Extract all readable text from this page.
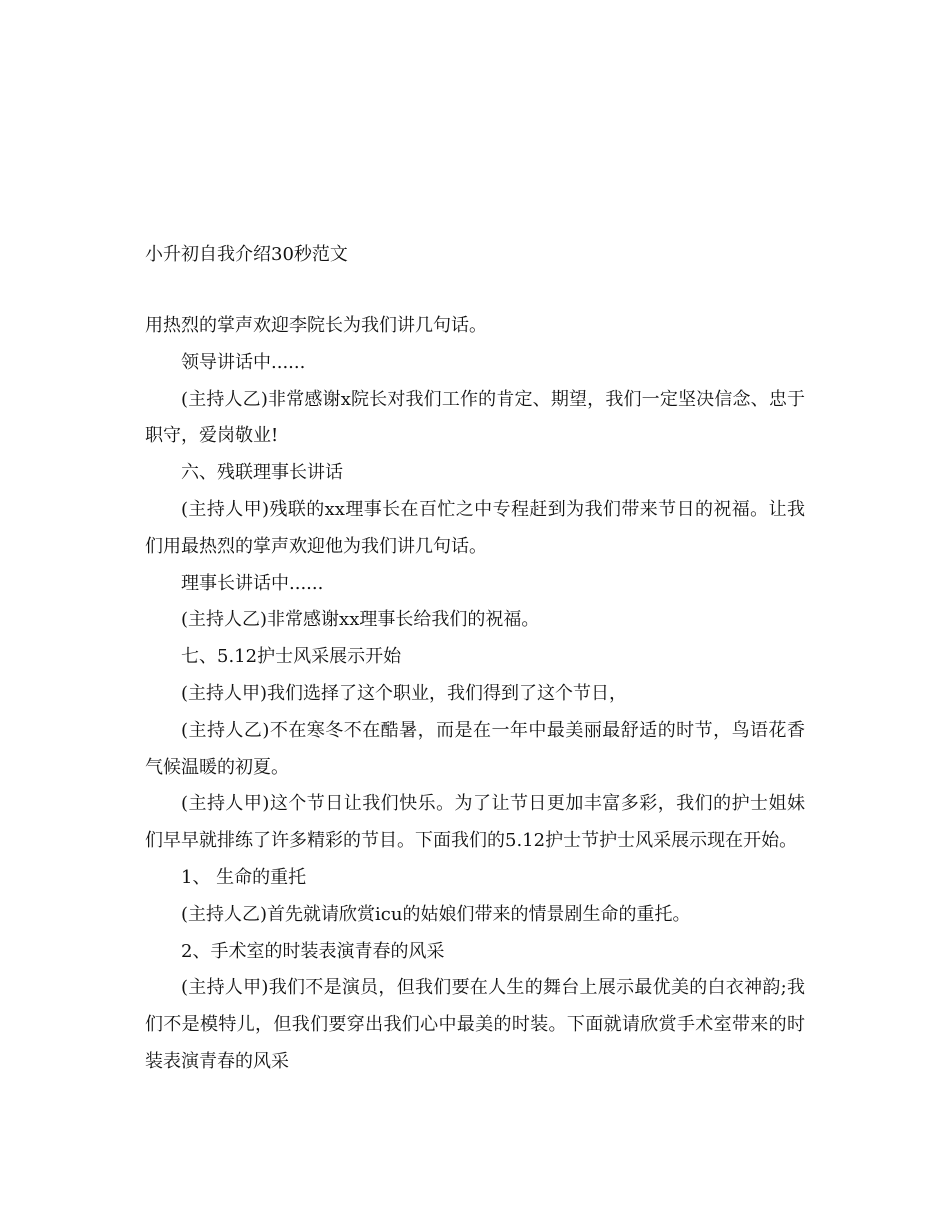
小升初自我介绍30秒范文

用热烈的掌声欢迎李院长为我们讲几句话。

领导讲话中......

(主持人乙)非常感谢x院长对我们工作的肯定、期望，我们一定坚决信念、忠于职守，爱岗敬业!

六、残联理事长讲话

(主持人甲)残联的xx理事长在百忙之中专程赶到为我们带来节日的祝福。让我们用最热烈的掌声欢迎他为我们讲几句话。

理事长讲话中......

(主持人乙)非常感谢xx理事长给我们的祝福。

七、5.12护士风采展示开始

(主持人甲)我们选择了这个职业，我们得到了这个节日，

(主持人乙)不在寒冬不在酷暑，而是在一年中最美丽最舒适的时节，鸟语花香气候温暖的初夏。

(主持人甲)这个节日让我们快乐。为了让节日更加丰富多彩，我们的护士姐妹们早早就排练了许多精彩的节目。下面我们的5.12护士节护士风采展示现在开始。

1、 生命的重托

(主持人乙)首先就请欣赏icu的姑娘们带来的情景剧生命的重托。

2、手术室的时装表演青春的风采

(主持人甲)我们不是演员，但我们要在人生的舞台上展示最优美的白衣神韵;我们不是模特儿，但我们要穿出我们心中最美的时装。下面就请欣赏手术室带来的时装表演青春的风采
